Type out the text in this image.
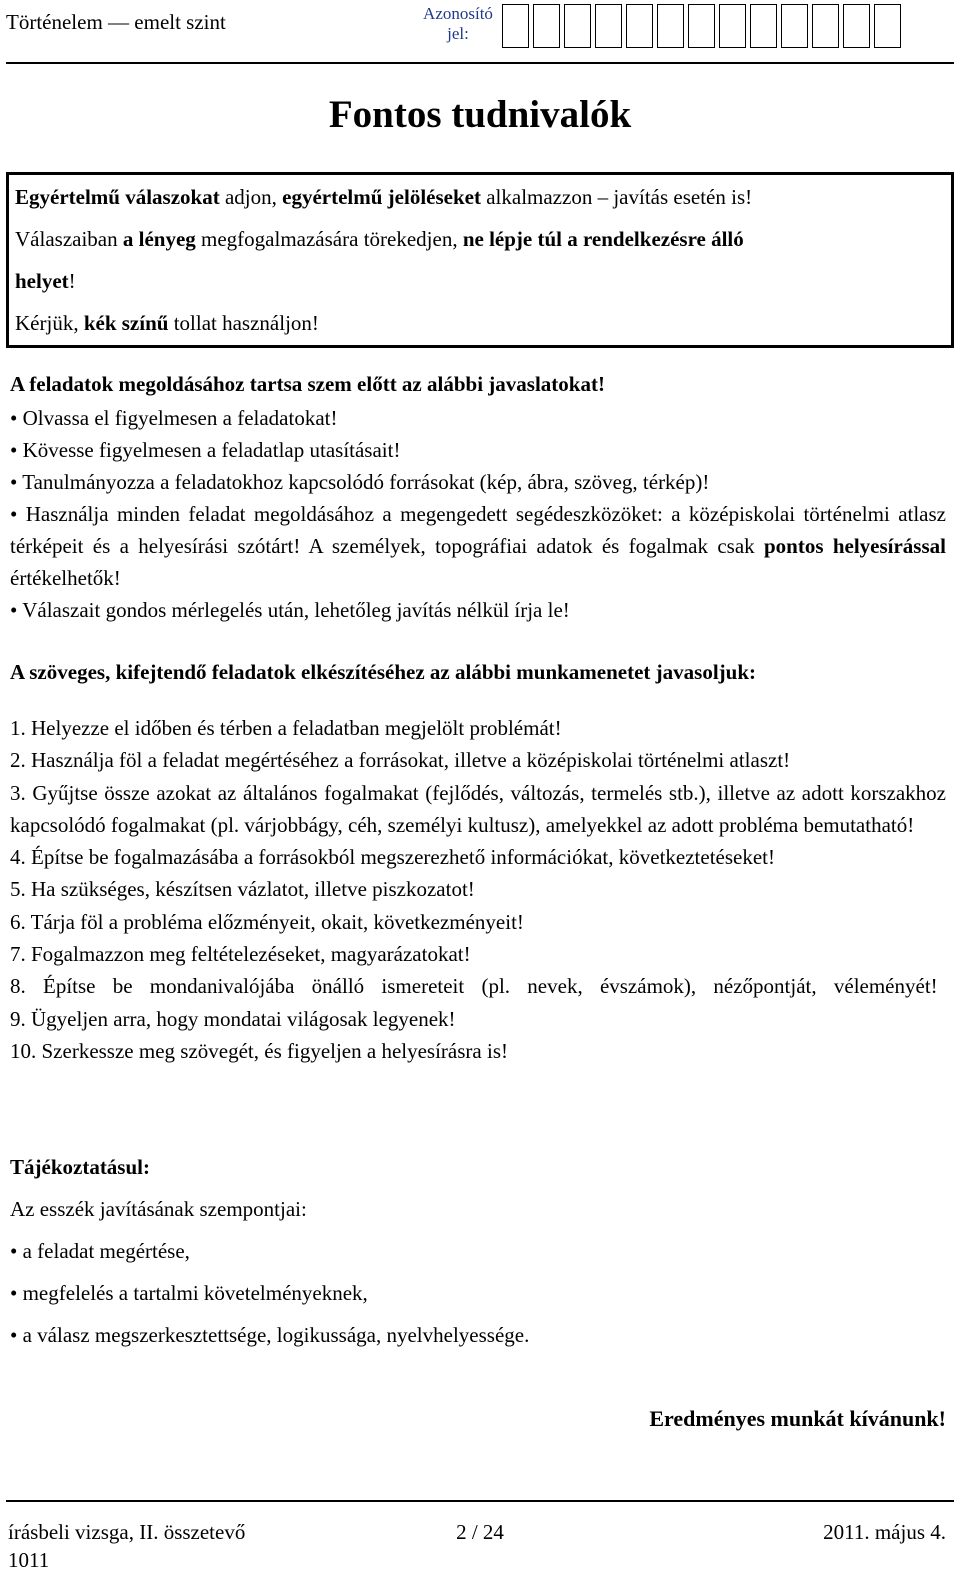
Történelem — emelt szint	Azonosító jel:
Fontos tudnivalók

Egyértelmű válaszokat adjon, egyértelmű jelöléseket alkalmazzon – javítás esetén is!

Válaszaiban a lényeg megfogalmazására törekedjen, ne lépje túl a rendelkezésre álló

helyet!

Kérjük, kék színű tollat használjon!

A feladatok megoldásához tartsa szem előtt az alábbi javaslatokat!

• Olvassa el figyelmesen a feladatokat!

• Kövesse figyelmesen a feladatlap utasításait!

• Tanulmányozza a feladatokhoz kapcsolódó forrásokat (kép, ábra, szöveg, térkép)!

• Használja minden feladat megoldásához a megengedett segédeszközöket: a középiskolai történelmi atlasz térképeit és a helyesírási szótárt! A személyek, topográfiai adatok és fogalmak csak pontos helyesírással értékelhetők!

• Válaszait gondos mérlegelés után, lehetőleg javítás nélkül írja le!

A szöveges, kifejtendő feladatok elkészítéséhez az alábbi munkamenetet javasoljuk:

1. Helyezze el időben és térben a feladatban megjelölt problémát!

2. Használja föl a feladat megértéséhez a forrásokat, illetve a középiskolai történelmi atlaszt!

3. Gyűjtse össze azokat az általános fogalmakat (fejlődés, változás, termelés stb.), illetve az adott korszakhoz kapcsolódó fogalmakat (pl. várjobbágy, céh, személyi kultusz), amelyekkel az adott probléma bemutatható!

4. Építse be fogalmazásába a forrásokból megszerezhető információkat, következtetéseket!

5. Ha szükséges, készítsen vázlatot, illetve piszkozatot!

6. Tárja föl a probléma előzményeit, okait, következményeit!

7. Fogalmazzon meg feltételezéseket, magyarázatokat!

8. Építse be mondanivalójába önálló ismereteit (pl. nevek, évszámok), nézőpontját, véleményét!

9. Ügyeljen arra, hogy mondatai világosak legyenek!

10. Szerkessze meg szövegét, és figyeljen a helyesírásra is!

Tájékoztatásul:

Az esszék javításának szempontjai:

• a feladat megértése,

• megfelelés a tartalmi követelményeknek,

• a válasz megszerkesztettsége, logikussága, nyelvhelyessége.

Eredményes munkát kívánunk!
írásbeli vizsga, II. összetevő
1011
2 / 24	2011. május 4.
